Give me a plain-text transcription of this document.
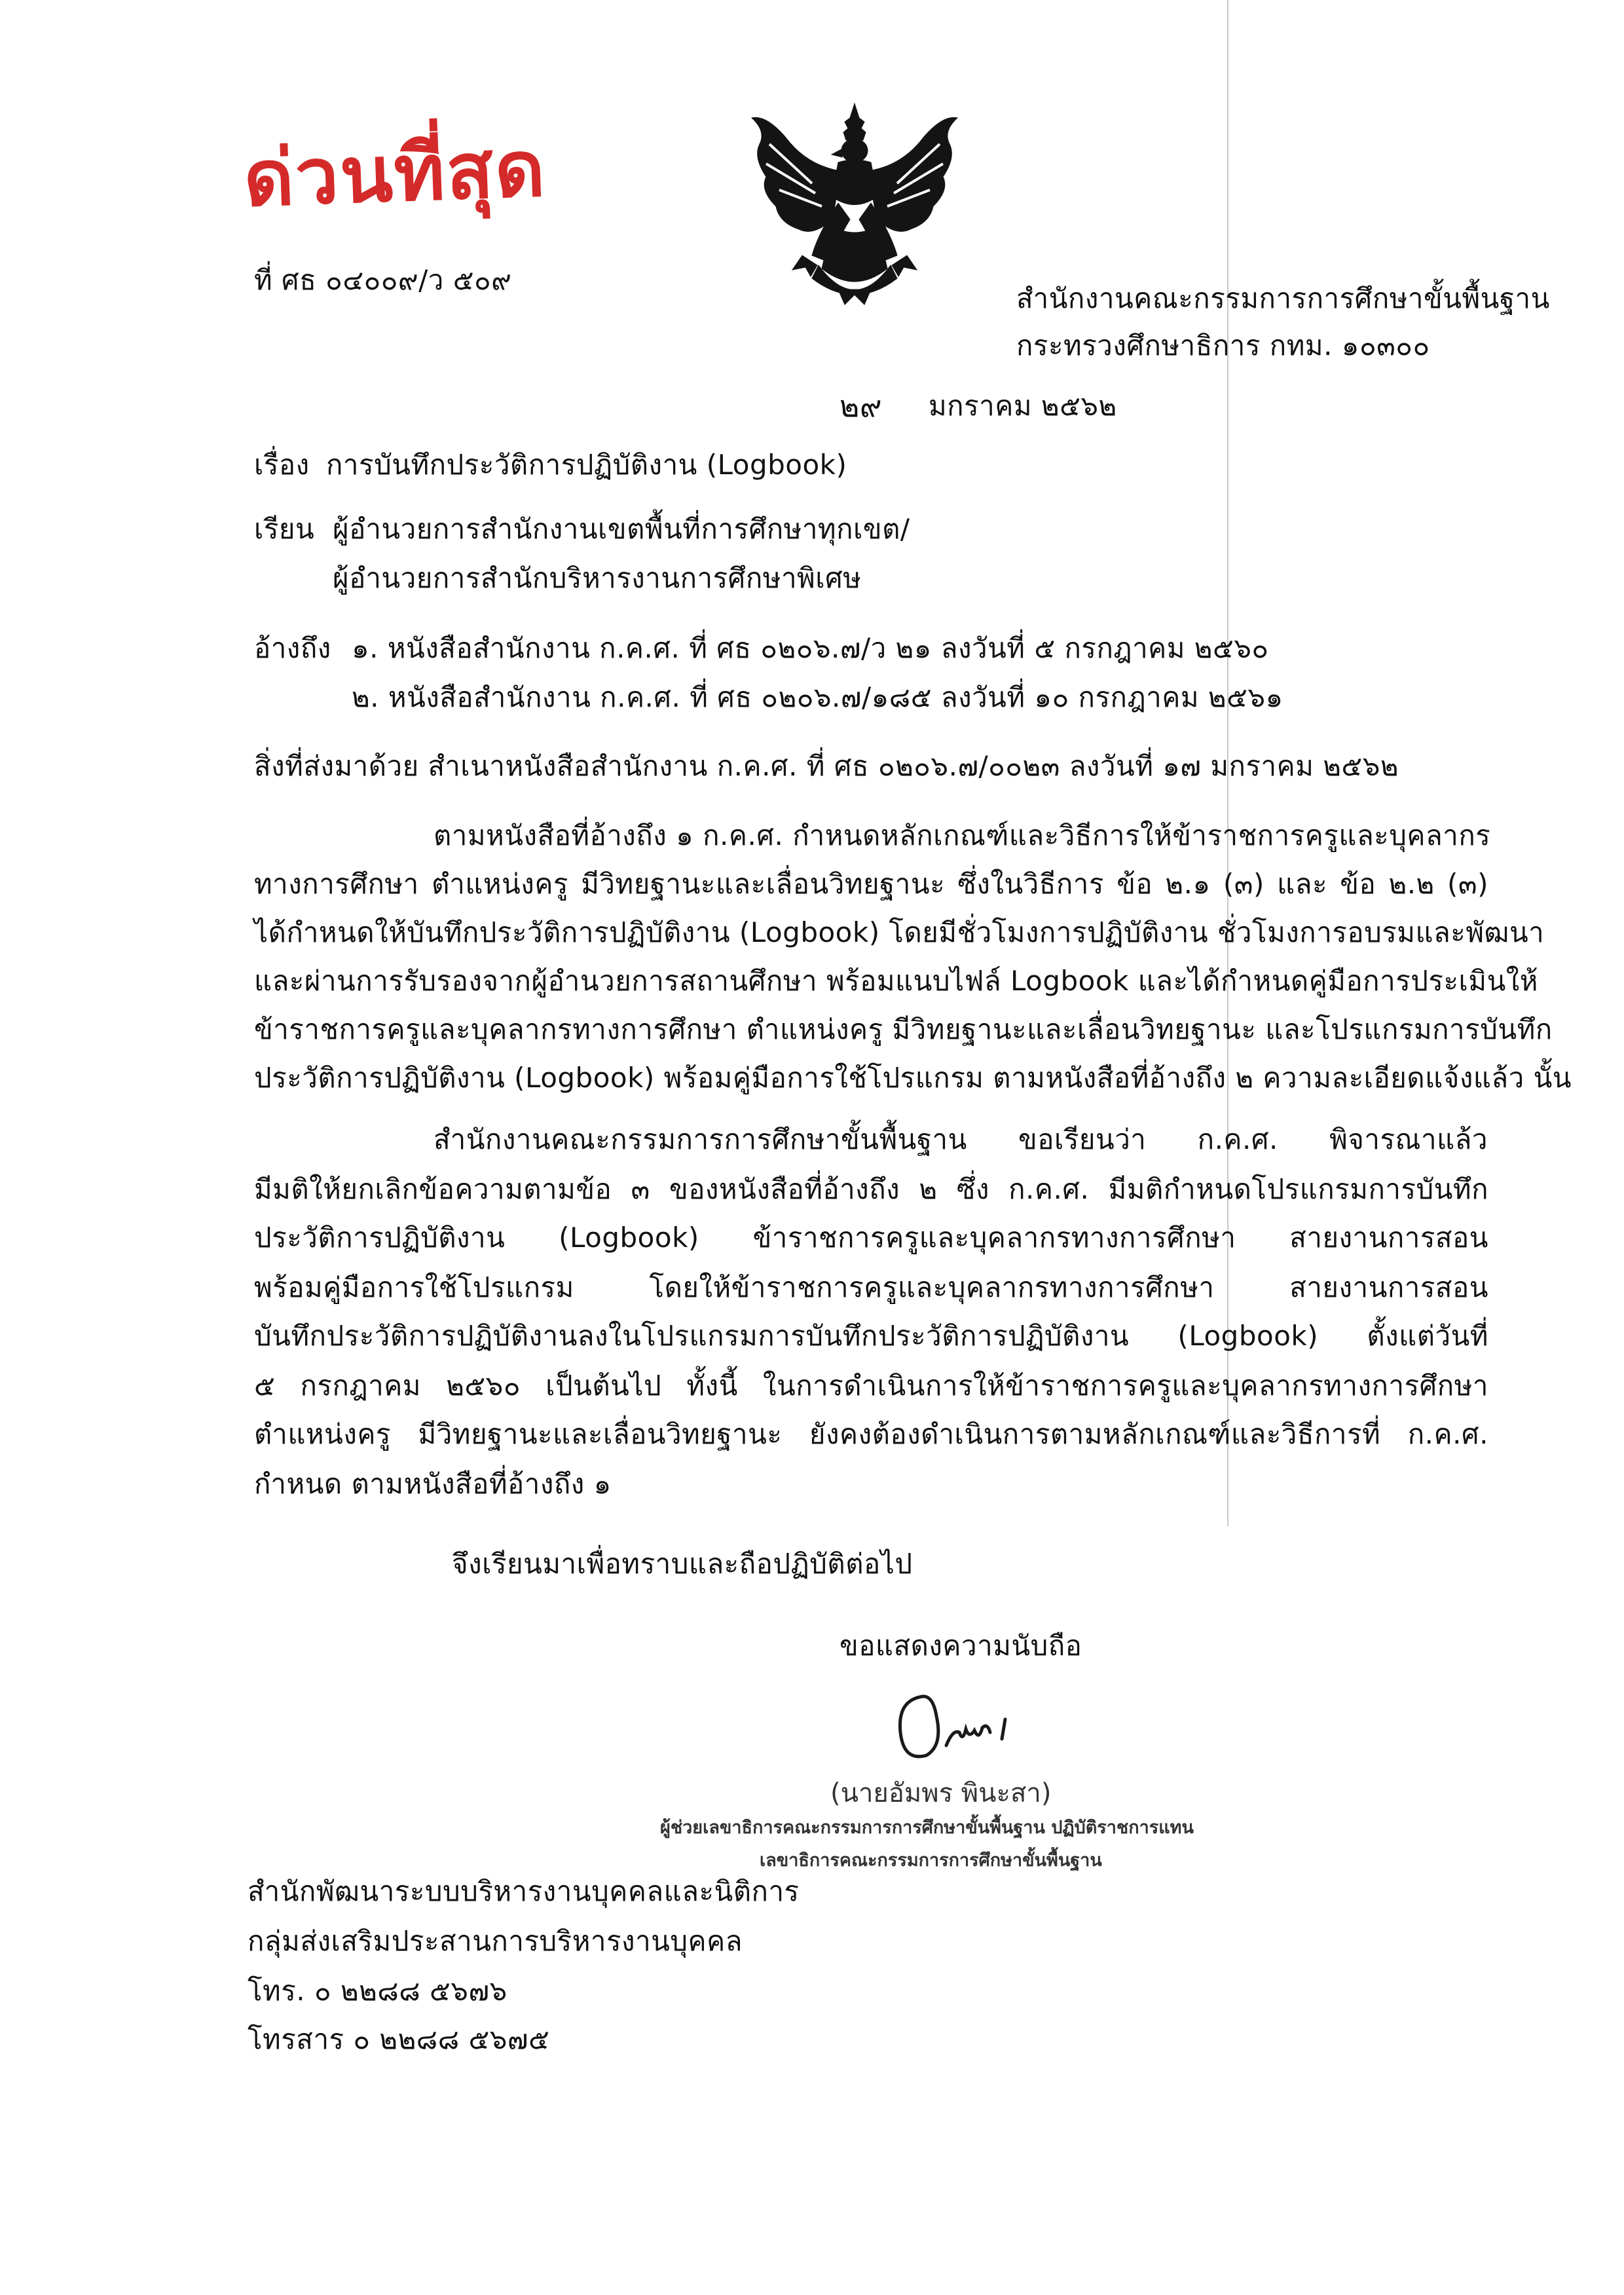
ด่วนที่สุด
ที่ ศธ ๐๔๐๐๙/ว ๕๐๙
สำนักงานคณะกรรมการการศึกษาขั้นพื้นฐาน
กระทรวงศึกษาธิการ กทม. ๑๐๓๐๐
๒๙ มกราคม ๒๕๖๒
เรื่อง การบันทึกประวัติการปฏิบัติงาน (Logbook)
เรียน ผู้อำนวยการสำนักงานเขตพื้นที่การศึกษาทุกเขต/
ผู้อำนวยการสำนักบริหารงานการศึกษาพิเศษ
อ้างถึง ๑. หนังสือสำนักงาน ก.ค.ศ. ที่ ศธ ๐๒๐๖.๗/ว ๒๑ ลงวันที่ ๕ กรกฎาคม ๒๕๖๐
๒. หนังสือสำนักงาน ก.ค.ศ. ที่ ศธ ๐๒๐๖.๗/๑๘๕ ลงวันที่ ๑๐ กรกฎาคม ๒๕๖๑
สิ่งที่ส่งมาด้วย สำเนาหนังสือสำนักงาน ก.ค.ศ. ที่ ศธ ๐๒๐๖.๗/๐๐๒๓ ลงวันที่ ๑๗ มกราคม ๒๕๖๒
ตามหนังสือที่อ้างถึง ๑ ก.ค.ศ. กำหนดหลักเกณฑ์และวิธีการให้ข้าราชการครูและบุคลากร
ทางการศึกษา ตำแหน่งครู มีวิทยฐานะและเลื่อนวิทยฐานะ ซึ่งในวิธีการ ข้อ ๒.๑ (๓) และ ข้อ ๒.๒ (๓)
ได้กำหนดให้บันทึกประวัติการปฏิบัติงาน (Logbook) โดยมีชั่วโมงการปฏิบัติงาน ชั่วโมงการอบรมและพัฒนา
และผ่านการรับรองจากผู้อำนวยการสถานศึกษา พร้อมแนบไฟล์ Logbook และได้กำหนดคู่มือการประเมินให้
ข้าราชการครูและบุคลากรทางการศึกษา ตำแหน่งครู มีวิทยฐานะและเลื่อนวิทยฐานะ และโปรแกรมการบันทึก
ประวัติการปฏิบัติงาน (Logbook) พร้อมคู่มือการใช้โปรแกรม ตามหนังสือที่อ้างถึง ๒ ความละเอียดแจ้งแล้ว นั้น
สำนักงานคณะกรรมการการศึกษาขั้นพื้นฐาน ขอเรียนว่า ก.ค.ศ. พิจารณาแล้ว
มีมติให้ยกเลิกข้อความตามข้อ ๓ ของหนังสือที่อ้างถึง ๒ ซึ่ง ก.ค.ศ. มีมติกำหนดโปรแกรมการบันทึก
ประวัติการปฏิบัติงาน (Logbook) ข้าราชการครูและบุคลากรทางการศึกษา สายงานการสอน
พร้อมคู่มือการใช้โปรแกรม โดยให้ข้าราชการครูและบุคลากรทางการศึกษา สายงานการสอน
บันทึกประวัติการปฏิบัติงานลงในโปรแกรมการบันทึกประวัติการปฏิบัติงาน (Logbook) ตั้งแต่วันที่
๕ กรกฎาคม ๒๕๖๐ เป็นต้นไป ทั้งนี้ ในการดำเนินการให้ข้าราชการครูและบุคลากรทางการศึกษา
ตำแหน่งครู มีวิทยฐานะและเลื่อนวิทยฐานะ ยังคงต้องดำเนินการตามหลักเกณฑ์และวิธีการที่ ก.ค.ศ.
กำหนด ตามหนังสือที่อ้างถึง ๑
จึงเรียนมาเพื่อทราบและถือปฏิบัติต่อไป
ขอแสดงความนับถือ
(นายอัมพร พินะสา)
ผู้ช่วยเลขาธิการคณะกรรมการการศึกษาขั้นพื้นฐาน ปฏิบัติราชการแทน
เลขาธิการคณะกรรมการการศึกษาขั้นพื้นฐาน
สำนักพัฒนาระบบบริหารงานบุคคลและนิติการ
กลุ่มส่งเสริมประสานการบริหารงานบุคคล
โทร. ๐ ๒๒๘๘ ๕๖๗๖
โทรสาร ๐ ๒๒๘๘ ๕๖๗๕
